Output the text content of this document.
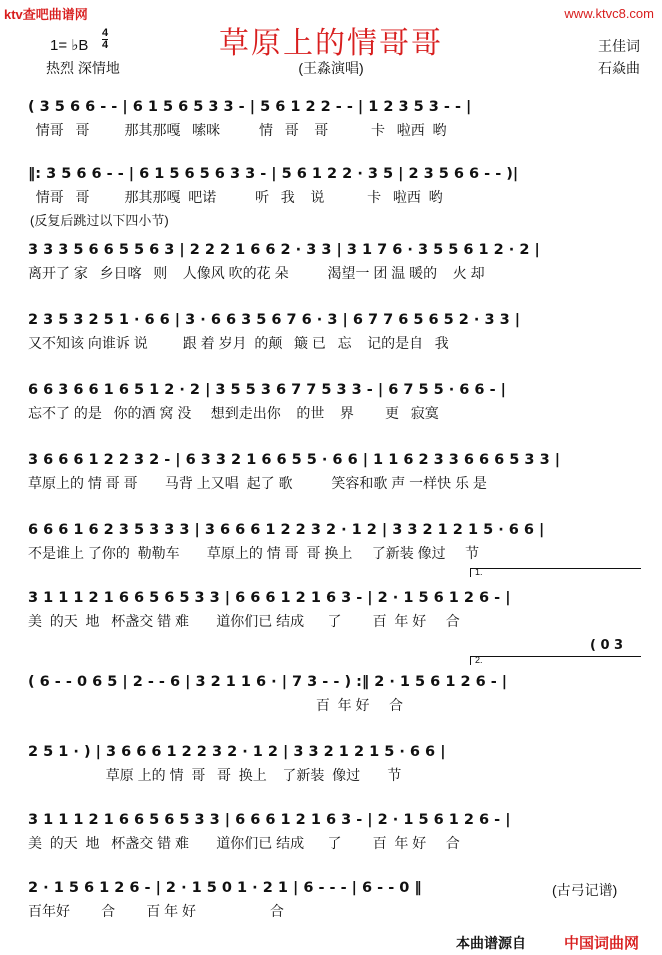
ktv查吧曲谱网	www.ktvc8.com
草原上的情哥哥
1= ♭B
4
4
热烈 深情地	(王淼演唱)
王佳词
石焱曲
( 3 5 6 6 - - | 6 1 5 6 5 3 3 - | 5 6 1 2 2 - - | 1 2 3 5 3 - - |
情哥   哥         那其那嘎   嗦咪          情   哥    哥           卡   啦西  哟
‖: 3 5 6 6 - - | 6 1 5 6 5 6 3 3 - | 5 6 1 2 2 · 3 5 | 2 3 5 6 6 - - )|
情哥   哥         那其那嘎  吧诺          听   我    说           卡   啦西  哟
(反复后跳过以下四小节)
3 3 3 5 6 6 5 5 6 3 | 2 2 2 1 6 6 2 · 3 3 | 3 1 7 6 · 3 5 5 6 1 2 · 2 |
离开了 家   乡日喀   则    人像风 吹的花 朵          渴望一 团 温 暖的    火 却
2 3 5 3 2 5 1 · 6 6 | 3 · 6 6 3 5 6 7 6 · 3 | 6 7 7 6 5 6 5 2 · 3 3 |
又不知该 向谁诉 说         跟 着 岁月  的颠   簸 已   忘    记的是自   我
6 6 3 6 6 1 6 5 1 2 · 2 | 3 5 5 3 6 7 7 5 3 3 - | 6 7 5 5 · 6 6 - |
忘不了 的是   你的酒 窝 没     想到走出你    的世    界        更   寂寞
3 6 6 6 1 2 2 3 2 - | 6 3 3 2 1 6 6 5 5 · 6 6 | 1 1 6 2 3 3 6 6 6 5 3 3 |
草原上的 情 哥 哥       马背 上又唱  起了 歌          笑容和歌 声 一样快 乐 是
6 6 6 1 6 2 3 5 3 3 3 | 3 6 6 6 1 2 2 3 2 · 1 2 | 3 3 2 1 2 1 5 · 6 6 |
不是谁上 了你的  勒勒车       草原上的 情 哥  哥 换上     了新装 像过     节
1.
3 1 1 1 2 1 6 6 5 6 5 3 3 | 6 6 6 1 2 1 6 3 - | 2 · 1 5 6 1 2 6 - |
美  的天  地   杯盏交 错 难       道你们已 结成      了        百  年 好     合
( 0 3
2.
( 6 - - 0 6 5 | 2 - - 6 | 3 2 1 1 6 · | 7 3 - - ) :‖ 2 · 1 5 6 1 2 6 - |
百  年 好     合
2 5 1 · ) | 3 6 6 6 1 2 2 3 2 · 1 2 | 3 3 2 1 2 1 5 · 6 6 |
草原 上的 情  哥   哥  换上    了新装  像过       节
3 1 1 1 2 1 6 6 5 6 5 3 3 | 6 6 6 1 2 1 6 3 - | 2 · 1 5 6 1 2 6 - |
美  的天  地   杯盏交 错 难       道你们已 结成      了        百  年 好     合
2 · 1 5 6 1 2 6 - | 2 · 1 5 0 1 · 2 1 | 6 - - - | 6 - - 0 ‖
百年好        合        百 年 好                   合
(古弓记谱)
本曲谱源自	中国词曲网
